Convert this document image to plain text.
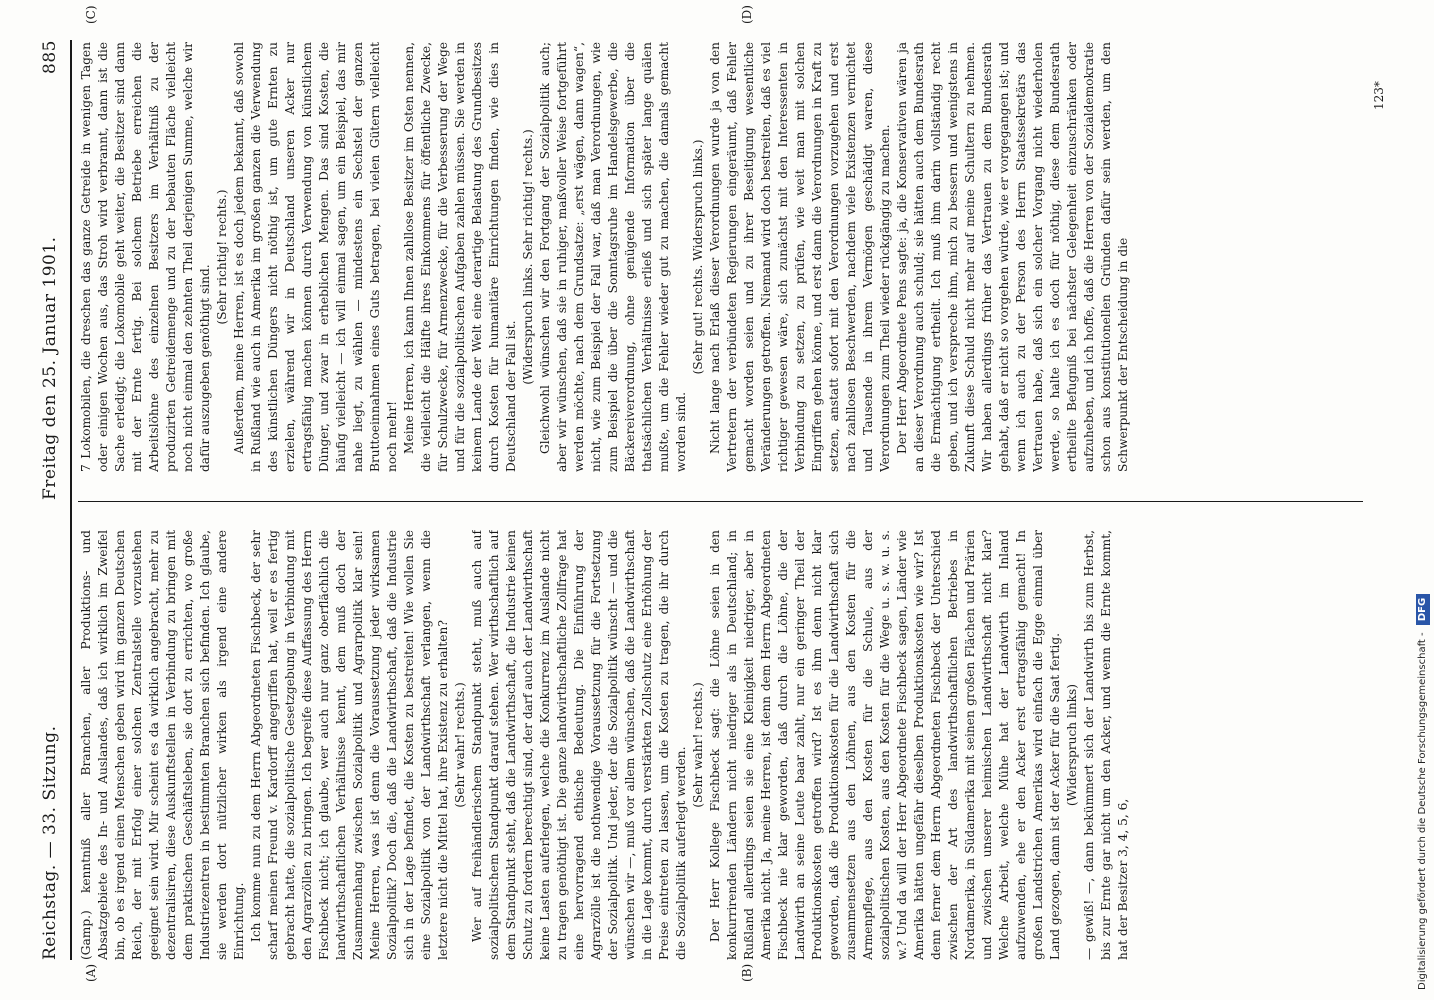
Reichstag. — 33. Sitzung.
Freitag den 25. Januar 1901.
885
(A)	(B)
(C)	(D)

(Gamp.) kenntniß aller Branchen, aller Produktions- und Absatzgebiete des In- und Auslandes, daß ich wirklich im Zweifel bin, ob es irgend einen Menschen geben wird im ganzen Deutschen Reich, der mit Erfolg einer solchen Zentralstelle vorzustehen geeignet sein wird. Mir scheint es da wirklich angebracht, mehr zu dezentralisiren, diese Auskunftstellen in Verbindung zu bringen mit dem praktischen Geschäftsleben, sie dort zu errichten, wo große Industriezentren in bestimmten Branchen sich befinden. Ich glaube, sie werden dort nützlicher wirken als irgend eine andere Einrichtung. Ich komme nun zu dem Herrn Abgeordneten Fischbeck, der sehr scharf meinen Freund v. Kardorff angegriffen hat, weil er es fertig gebracht hatte, die sozialpolitische Gesetzgebung in Verbindung mit den Agrarzöllen zu bringen. Ich begreife diese Auffassung des Herrn Fischbeck nicht; ich glaube, wer auch nur ganz oberflächlich die landwirthschaftlichen Verhältnisse kennt, dem muß doch der Zusammenhang zwischen Sozialpolitik und Agrarpolitik klar sein! Meine Herren, was ist denn die Voraussetzung jeder wirksamen Sozialpolitik? Doch die, daß die Landwirthschaft, daß die Industrie sich in der Lage befindet, die Kosten zu bestreiten! Wie wollen Sie eine Sozialpolitik von der Landwirthschaft verlangen, wenn die letztere nicht die Mittel hat, ihre Existenz zu erhalten? (Sehr wahr! rechts.) Wer auf freihändlerischem Standpunkt steht, muß auch auf sozialpolitischem Standpunkt darauf stehen. Wer wirthschaftlich auf dem Standpunkt steht, daß die Landwirthschaft, die Industrie keinen Schutz zu fordern berechtigt sind, der darf auch der Landwirthschaft keine Lasten auferlegen, welche die Konkurrenz im Auslande nicht zu tragen genöthigt ist. Die ganze landwirthschaftliche Zollfrage hat eine hervorragend ethische Bedeutung. Die Einführung der Agrarzölle ist die nothwendige Voraussetzung für die Fortsetzung der Sozialpolitik. Und jeder, der die Sozialpolitik wünscht — und die wünschen wir —, muß vor allem wünschen, daß die Landwirthschaft in die Lage kommt, durch verstärkten Zollschutz eine Erhöhung der Preise eintreten zu lassen, um die Kosten zu tragen, die ihr durch die Sozialpolitik auferlegt werden.

(Sehr wahr! rechts.) Der Herr Kollege Fischbeck sagt: die Löhne seien in den konkurrirenden Ländern nicht niedriger als in Deutschland; in Rußland allerdings seien sie eine Kleinigkeit niedriger, aber in Amerika nicht. Ja, meine Herren, ist denn dem Herrn Abgeordneten Fischbeck nie klar geworden, daß durch die Löhne, die der Landwirth an seine Leute baar zahlt, nur ein geringer Theil der Produktionskosten getroffen wird? Ist es ihm denn nicht klar geworden, daß die Produktionskosten für die Landwirthschaft sich zusammensetzen aus den Löhnen, aus den Kosten für die Armenpflege, aus den Kosten für die Schule, aus der sozialpolitischen Kosten, aus den Kosten für die Wege u. s. w. u. s. w.? Und da will der Herr Abgeordnete Fischbeck sagen, Länder wie Amerika hätten ungefähr dieselben Produktionskosten wie wir? Ist denn ferner dem Herrn Abgeordneten Fischbeck der Unterschied zwischen der Art des landwirthschaftlichen Betriebes in Nordamerika, in Südamerika mit seinen großen Flächen und Prärien und zwischen unserer heimischen Landwirthschaft nicht klar? Welche Arbeit, welche Mühe hat der Landwirth im Inland aufzuwenden, ehe er den Acker erst ertragsfähig gemacht! In großen Landstrichen Amerikas wird einfach die Egge einmal über Land gezogen, dann ist der Acker für die Saat fertig. (Widerspruch links) — gewiß! —, dann bekümmert sich der Landwirth bis zum Herbst, bis zur Ernte gar nicht um den Acker, und wenn die Ernte kommt, hat der Besitzer 3, 4, 5, 6,

7 Lokomobilen, die dreschen das ganze Getreide in wenigen Tagen oder einigen Wochen aus, das Stroh wird verbrannt, dann ist die Sache erledigt; die Lokomobile geht weiter, die Besitzer sind dann mit der Ernte fertig. Bei solchem Betriebe erreichen die Arbeitslöhne des einzelnen Besitzers im Verhältniß zu der produzirten Getreidemenge und zu der bebauten Fläche vielleicht noch nicht einmal den zehnten Theil derjenigen Summe, welche wir dafür auszugeben genöthigt sind.

(Sehr richtig! rechts.) Außerdem, meine Herren, ist es doch jedem bekannt, daß sowohl in Rußland wie auch in Amerika im großen ganzen die Verwendung des künstlichen Düngers nicht nöthig ist, um gute Ernten zu erzielen, während wir in Deutschland unseren Acker nur ertragsfähig machen können durch Verwendung von künstlichem Dünger, und zwar in erheblichen Mengen. Das sind Kosten, die häufig vielleicht — ich will einmal sagen, um ein Beispiel, das mir nahe liegt, zu wählen — mindestens ein Sechstel der ganzen Bruttoeinnahmen eines Guts betragen, bei vielen Gütern vielleicht noch mehr! Meine Herren, ich kann Ihnen zahllose Besitzer im Osten nennen, die vielleicht die Hälfte ihres Einkommens für öffentliche Zwecke, für Schulzwecke, für Armenzwecke, für die Verbesserung der Wege und für die sozialpolitischen Aufgaben zahlen müssen. Sie werden in keinem Lande der Welt eine derartige Belastung des Grundbesitzes durch Kosten für humanitäre Einrichtungen finden, wie dies in Deutschland der Fall ist.

(Widerspruch links. Sehr richtig! rechts.) Gleichwohl wünschen wir den Fortgang der Sozialpolitik auch; aber wir wünschen, daß sie in ruhiger, maßvoller Weise fortgeführt werden möchte, nach dem Grundsatze: „erst wägen, dann wagen“, nicht, wie zum Beispiel der Fall war, daß man Verordnungen, wie zum Beispiel die über die Sonntagsruhe im Handelsgewerbe, die Bäckereiverordnung, ohne genügende Information über die thatsächlichen Verhältnisse erließ und sich später lange quälen mußte, um die Fehler wieder gut zu machen, die damals gemacht worden sind.

(Sehr gut! rechts. Widerspruch links.) Nicht lange nach Erlaß dieser Verordnungen wurde ja von den Vertretern der verbündeten Regierungen eingeräumt, daß Fehler gemacht worden seien und zu ihrer Beseitigung wesentliche Veränderungen getroffen. Niemand wird doch bestreiten, daß es viel richtiger gewesen wäre, sich zunächst mit den Interessenten in Verbindung zu setzen, zu prüfen, wie weit man mit solchen Eingriffen gehen könne, und erst dann die Verordnungen in Kraft zu setzen, anstatt sofort mit den Verordnungen vorzugehen und erst nach zahllosen Beschwerden, nachdem viele Existenzen vernichtet und Tausende in ihrem Vermögen geschädigt waren, diese Verordnungen zum Theil wieder rückgängig zu machen. Der Herr Abgeordnete Pens sagte: ja, die Konservativen wären ja an dieser Verordnung auch schuld; sie hätten auch dem Bundesrath die Ermächtigung ertheilt. Ich muß ihm darin vollständig recht geben, und ich verspreche ihm, mich zu bessern und wenigstens in Zukunft diese Schuld nicht mehr auf meine Schultern zu nehmen. Wir haben allerdings früher das Vertrauen zu dem Bundesrath gehabt, daß er nicht so vorgehen würde, wie er vorgegangen ist; und wenn ich auch zu der Person des Herrn Staatssekretärs das Vertrauen habe, daß sich ein solcher Vorgang nicht wiederholen werde, so halte ich es doch für nöthig, diese dem Bundesrath ertheilte Befugniß bei nächster Gelegenheit einzuschränken oder aufzuheben, und ich hoffe, daß die Herren von der Sozialdemokratie schon aus konstitutionellen Gründen dafür sein werden, um den Schwerpunkt der Entscheidung in die

123*
Digitalisierung gefördert durch die Deutsche Forschungsgemeinschaft - DFG
